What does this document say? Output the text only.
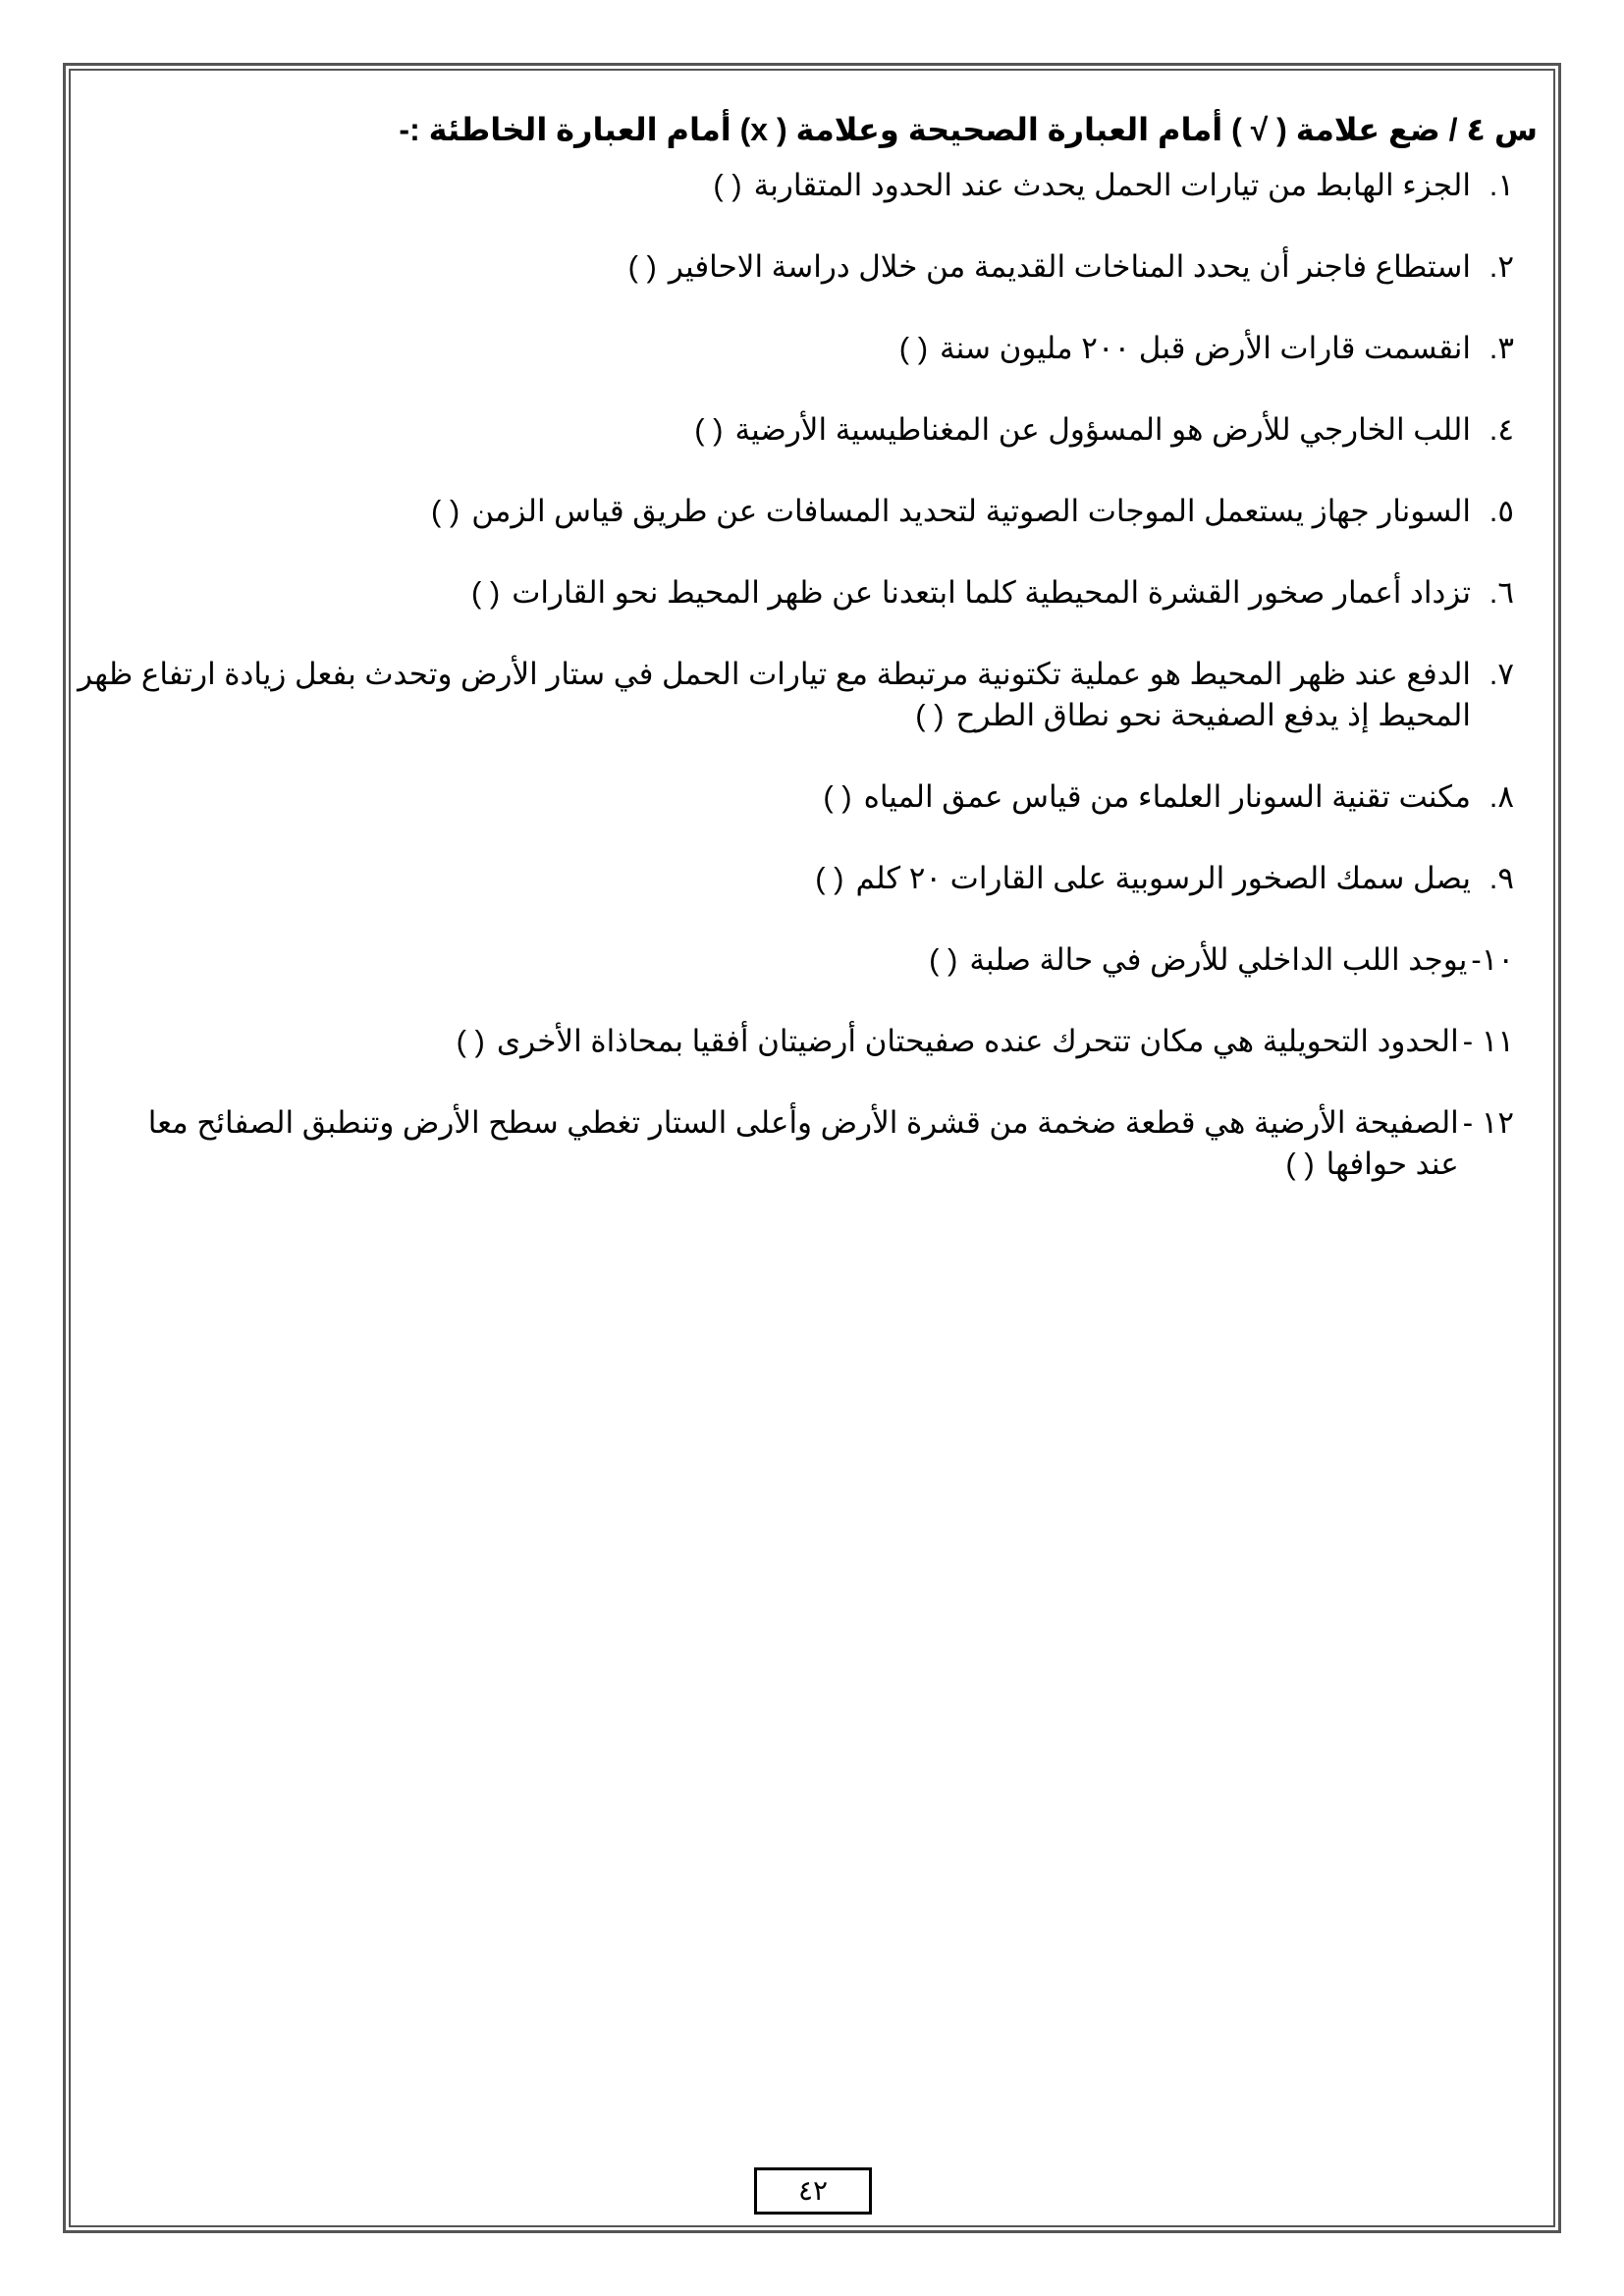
س ٤ / ضع علامة ( √ ) أمام العبارة الصحيحة وعلامة ( x) أمام العبارة الخاطئة :-
١.
الجزء الهابط من تيارات الحمل يحدث عند الحدود المتقاربة( )
٢.
استطاع فاجنر أن يحدد المناخات القديمة من خلال دراسة الاحافير( )
٣.
انقسمت قارات الأرض قبل ٢٠٠ مليون سنة( )
٤.
اللب الخارجي للأرض هو المسؤول عن المغناطيسية الأرضية( )
٥.
السونار جهاز يستعمل الموجات الصوتية لتحديد المسافات عن طريق قياس الزمن( )
٦.
تزداد أعمار صخور القشرة المحيطية كلما ابتعدنا عن ظهر المحيط نحو القارات( )
٧.
الدفع عند ظهر المحيط هو عملية تكتونية مرتبطة مع تيارات الحمل في ستار الأرض وتحدث بفعل زيادة ارتفاع ظهر المحيط إذ يدفع الصفيحة نحو نطاق الطرح( )
٨.
مكنت تقنية السونار العلماء من قياس عمق المياه( )
٩.
يصل سمك الصخور الرسوبية على القارات ٢٠ كلم( )
١٠-
يوجد اللب الداخلي للأرض في حالة صلبة( )
١١ -
الحدود التحويلية هي مكان تتحرك عنده صفيحتان أرضيتان أفقيا بمحاذاة الأخرى( )
١٢ -
الصفيحة الأرضية هي قطعة ضخمة من قشرة الأرض وأعلى الستار تغطي سطح الأرض وتنطبق الصفائح معا عند حوافها( )
٤٢
